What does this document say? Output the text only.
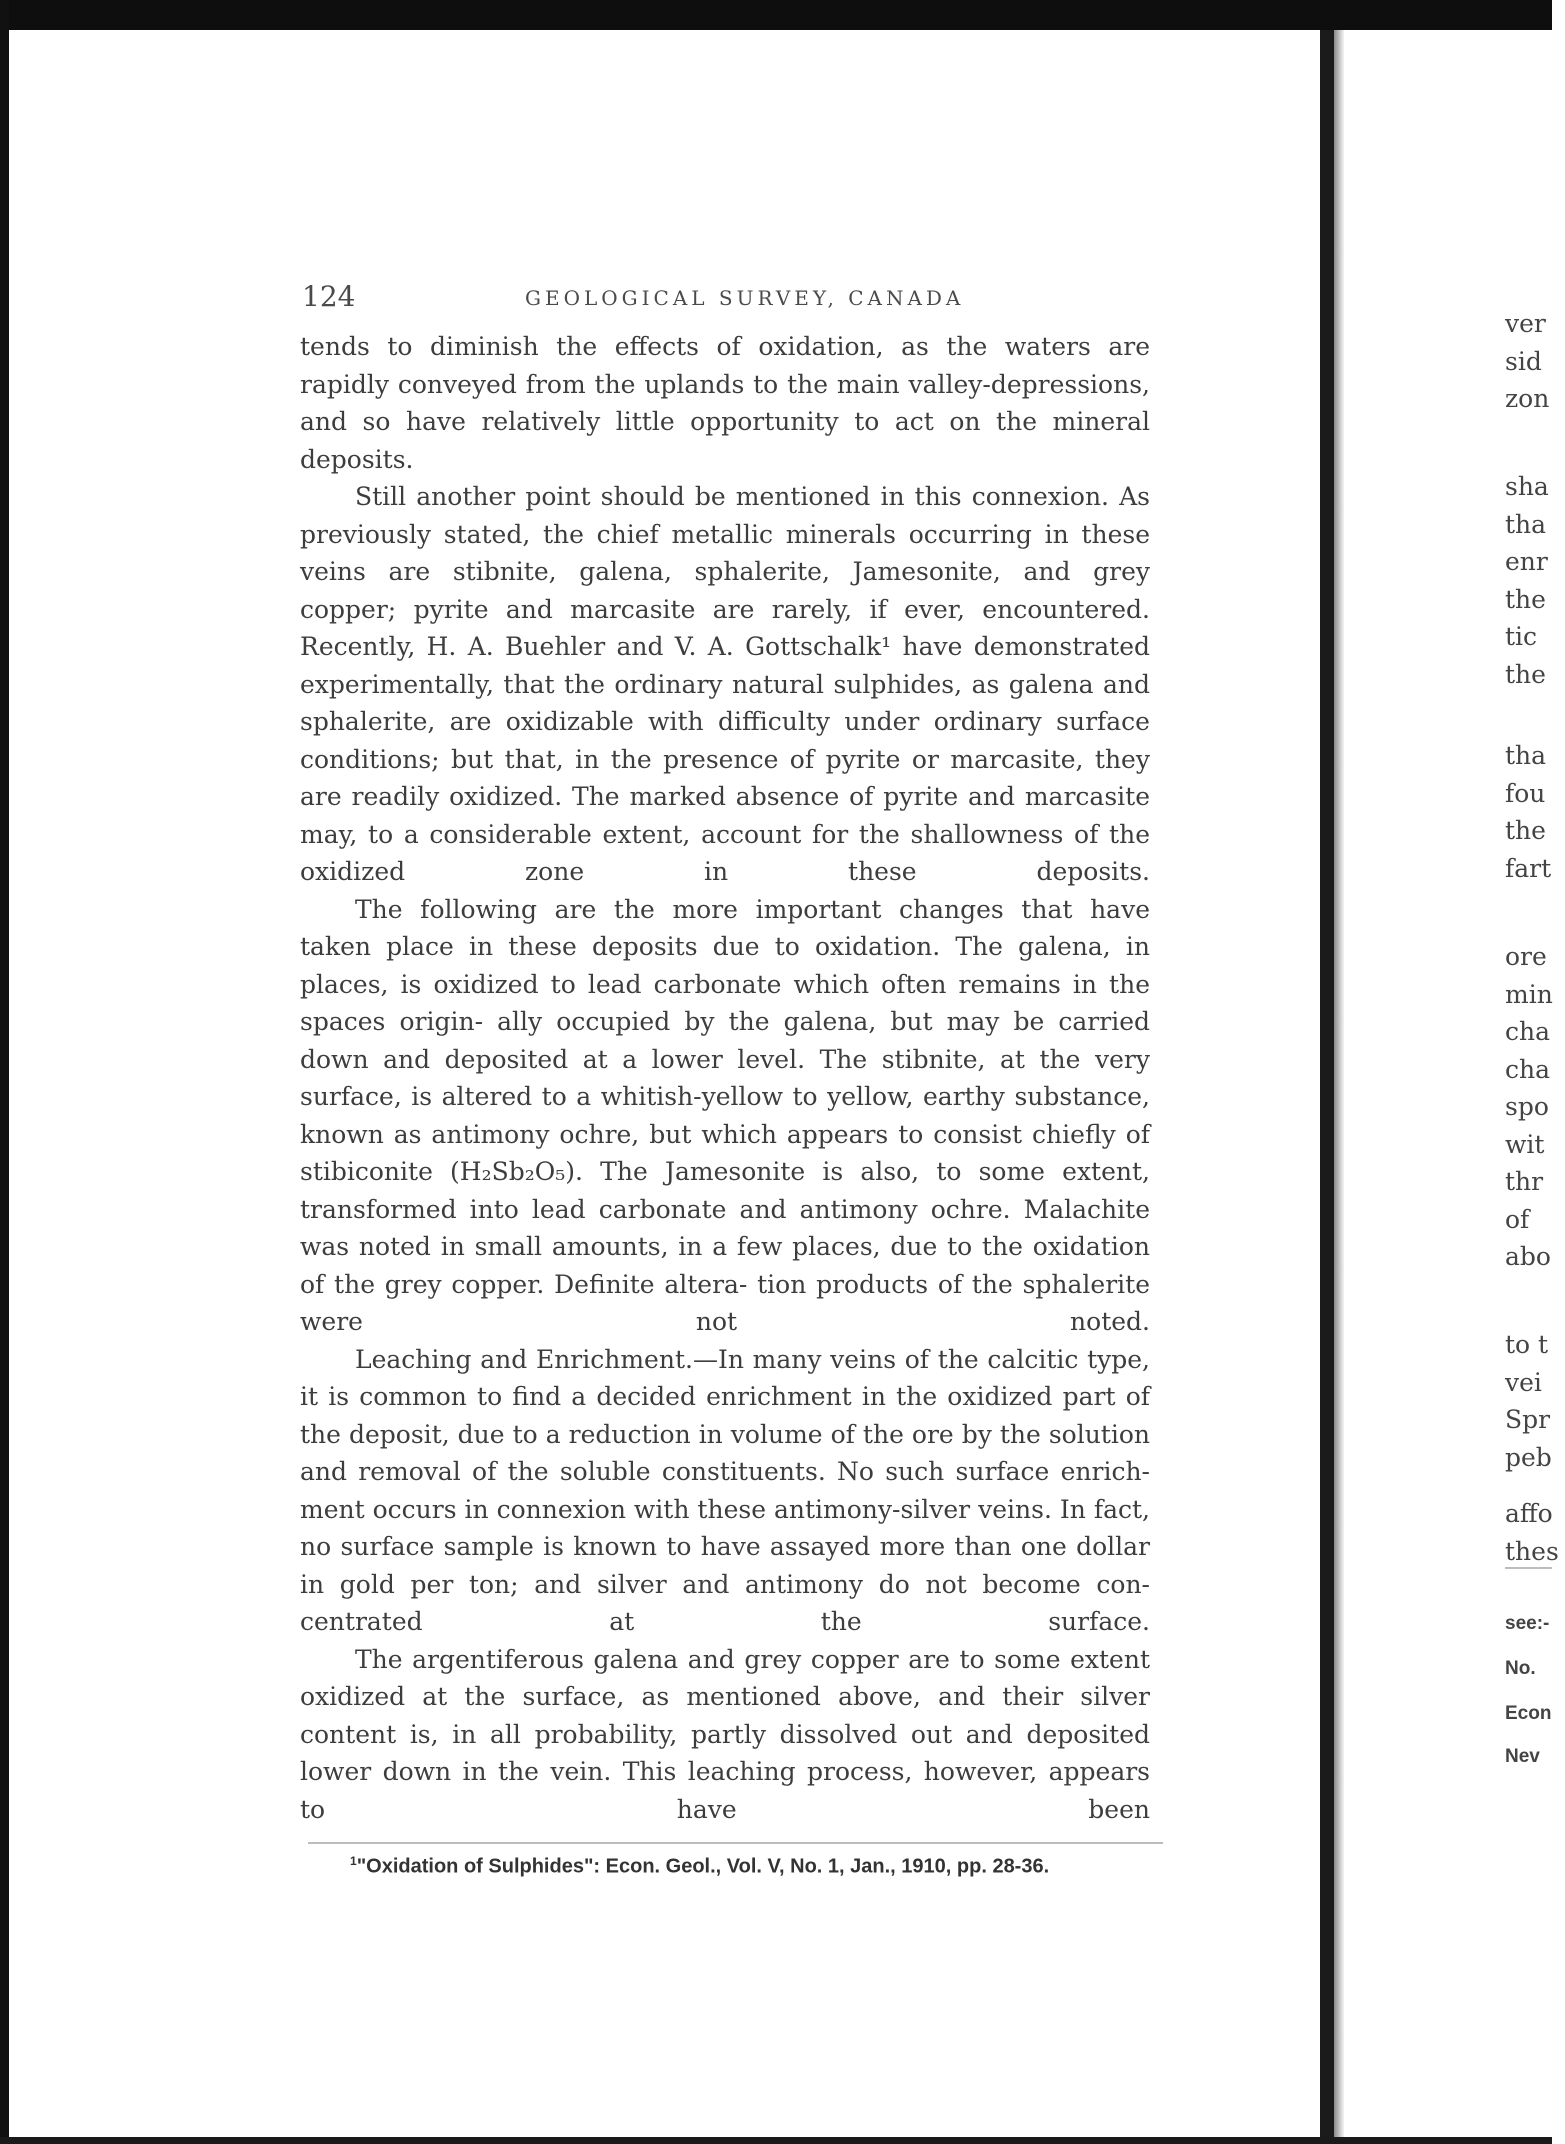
124	GEOLOGICAL SURVEY, CANADA

tends to diminish the effects of oxidation, as the waters are rapidly conveyed from the uplands to the main valley-depressions, and so have relatively little opportunity to act on the mineral deposits.

Still another point should be mentioned in this connexion. As previously stated, the chief metallic minerals occurring in these veins are stibnite, galena, sphalerite, Jamesonite, and grey copper; pyrite and marcasite are rarely, if ever, encountered. Recently, H. A. Buehler and V. A. Gottschalk¹ have demonstrated experimentally, that the ordinary natural sulphides, as galena and sphalerite, are oxidizable with difficulty under ordinary surface conditions; but that, in the presence of pyrite or marcasite, they are readily oxidized. The marked absence of pyrite and marcasite may, to a considerable extent, account for the shallowness of the oxidized zone in these deposits.

The following are the more important changes that have taken place in these deposits due to oxidation. The galena, in places, is oxidized to lead carbonate which often remains in the spaces origin- ally occupied by the galena, but may be carried down and deposited at a lower level. The stibnite, at the very surface, is altered to a whitish-yellow to yellow, earthy substance, known as antimony ochre, but which appears to consist chiefly of stibiconite (H₂Sb₂O₅). The Jamesonite is also, to some extent, transformed into lead carbonate and antimony ochre. Malachite was noted in small amounts, in a few places, due to the oxidation of the grey copper. Definite altera- tion products of the sphalerite were not noted.

Leaching and Enrichment.—In many veins of the calcitic type, it is common to find a decided enrichment in the oxidized part of the deposit, due to a reduction in volume of the ore by the solution and removal of the soluble constituents. No such surface enrich- ment occurs in connexion with these antimony-silver veins. In fact, no surface sample is known to have assayed more than one dollar in gold per ton; and silver and antimony do not become con- centrated at the surface.

The argentiferous galena and grey copper are to some extent oxidized at the surface, as mentioned above, and their silver content is, in all probability, partly dissolved out and deposited lower down in the vein. This leaching process, however, appears to have been

$^1$"Oxidation of Sulphides": Econ. Geol., Vol. V, No. 1, Jan., 1910, pp. 28-36.
ver
sid
zon
sha
tha
enr
the
tic
the
tha
fou
the
fart
ore
min
cha
cha
spo
wit
thr
of
abo
to t
vei
Spr
peb
affo
thes
see:-
No.
Econ
Nev
